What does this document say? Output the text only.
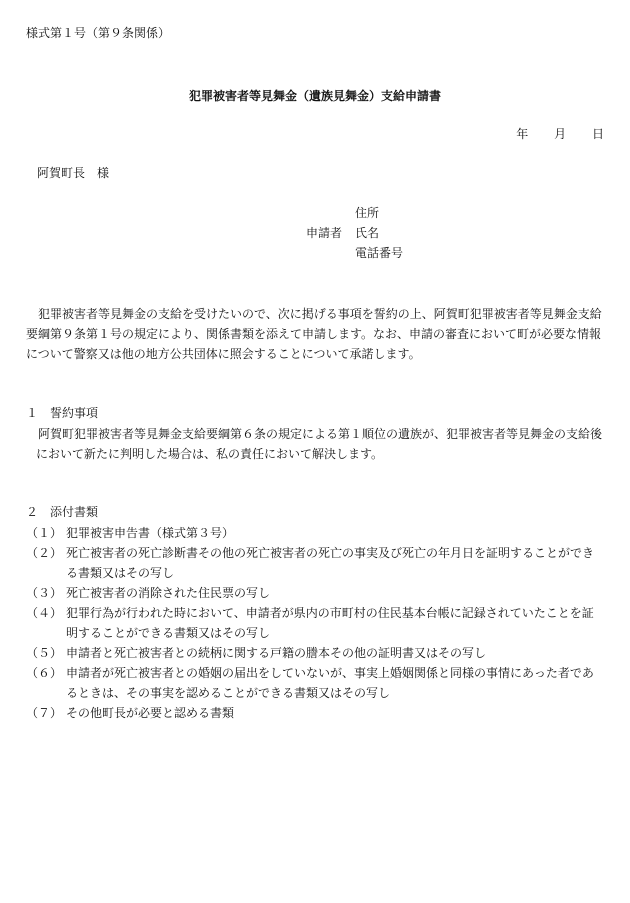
様式第１号（第９条関係）
犯罪被害者等見舞金（遺族見舞金）支給申請書
年 月 日
阿賀町長　様
住所
申請者 氏名
電話番号
犯罪被害者等見舞金の支給を受けたいので、次に掲げる事項を誓約の上、阿賀町犯罪被害者等見舞金支給
要綱第９条第１号の規定により、関係書類を添えて申請します。なお、申請の審査において町が必要な情報
について警察又は他の地方公共団体に照会することについて承諾します。
１　誓約事項
阿賀町犯罪被害者等見舞金支給要綱第６条の規定による第１順位の遺族が、犯罪被害者等見舞金の支給後
において新たに判明した場合は、私の責任において解決します。
２　添付書類
（１） 犯罪被害申告書（様式第３号）
（２） 死亡被害者の死亡診断書その他の死亡被害者の死亡の事実及び死亡の年月日を証明することができ
る書類又はその写し
（３） 死亡被害者の消除された住民票の写し
（４） 犯罪行為が行われた時において、申請者が県内の市町村の住民基本台帳に記録されていたことを証
明することができる書類又はその写し
（５） 申請者と死亡被害者との続柄に関する戸籍の謄本その他の証明書又はその写し
（６） 申請者が死亡被害者との婚姻の届出をしていないが、事実上婚姻関係と同様の事情にあった者であ
るときは、その事実を認めることができる書類又はその写し
（７） その他町長が必要と認める書類
